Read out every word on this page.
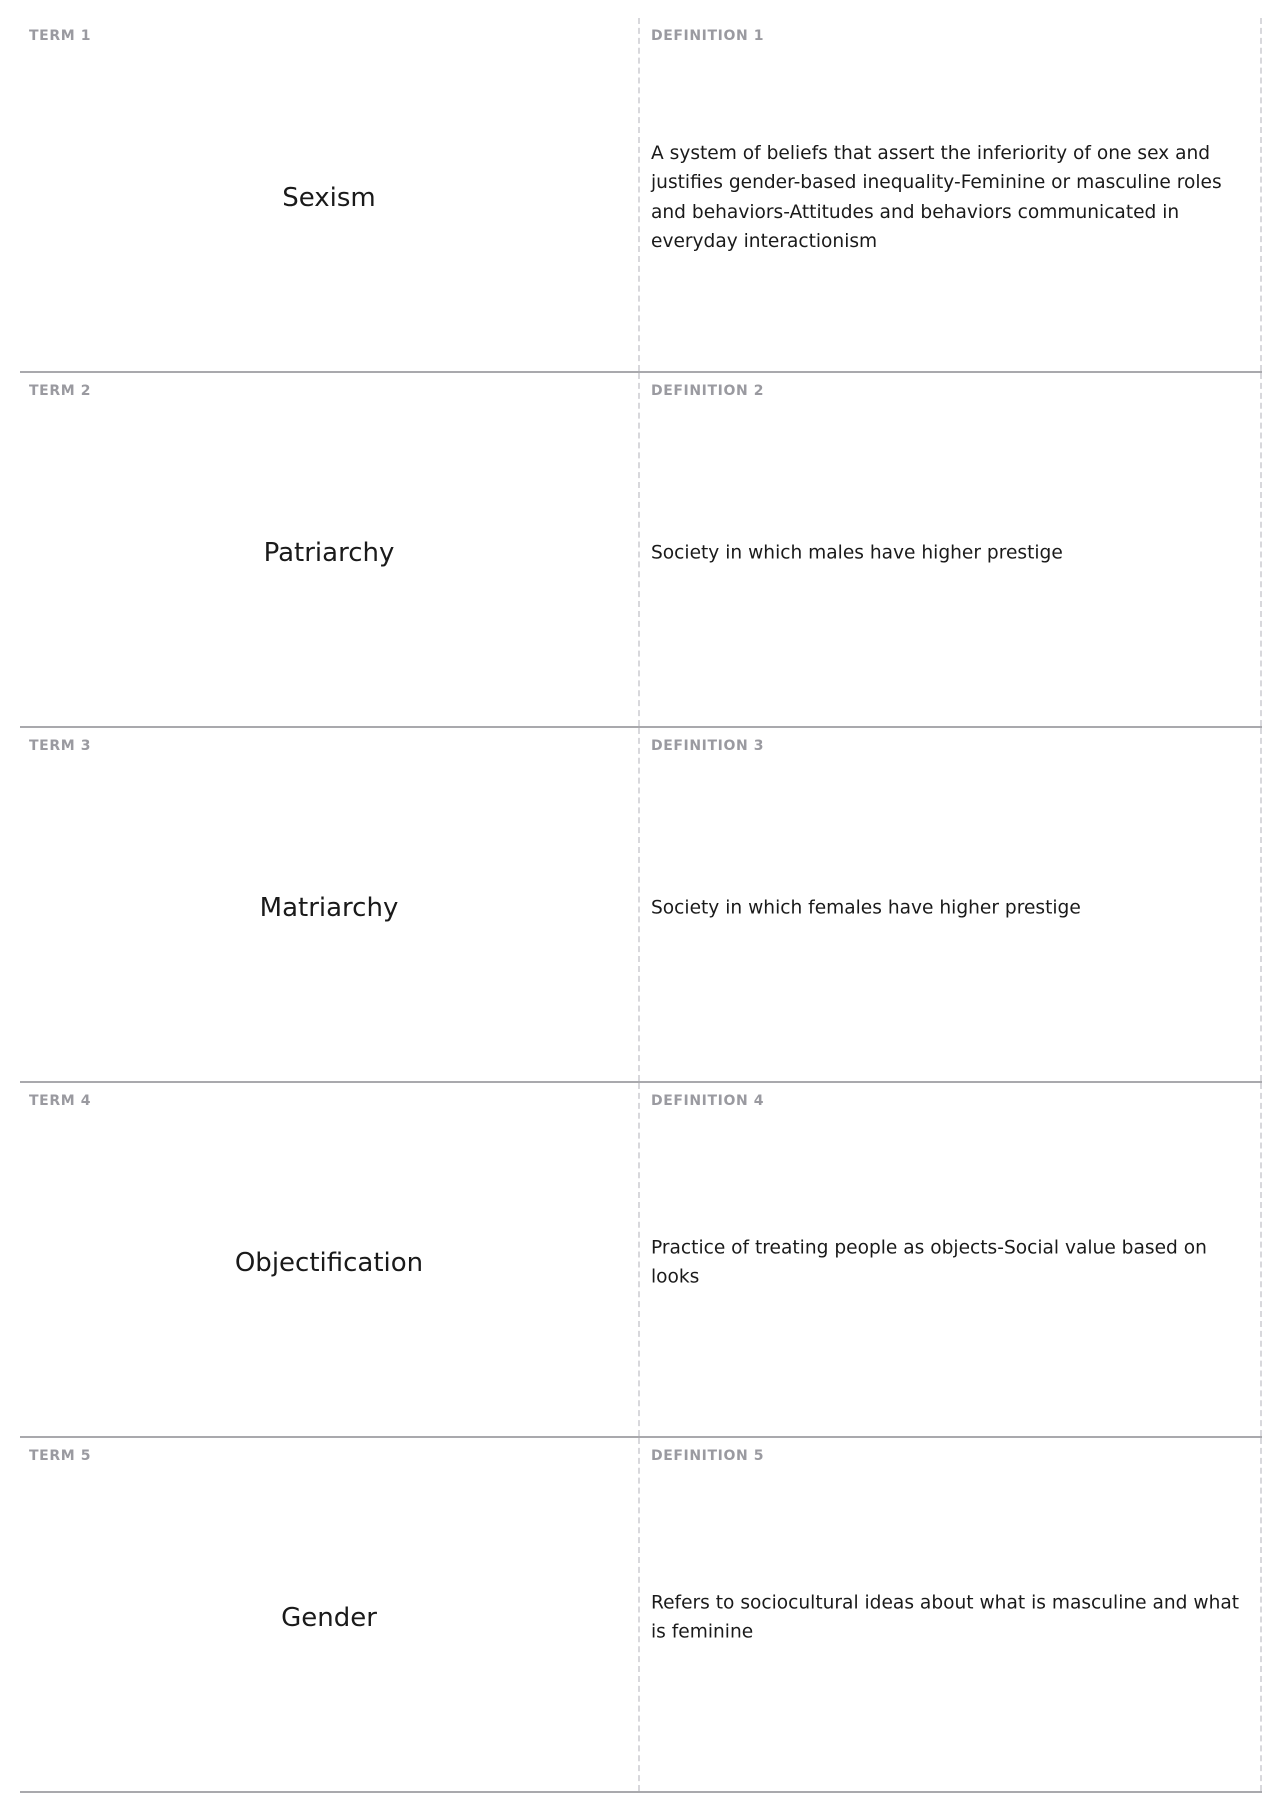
TERM 1
Sexism
DEFINITION 1
A system of beliefs that assert the inferiority of one sex and justifies gender-based inequality-Feminine or masculine roles and behaviors-Attitudes and behaviors communicated in everyday interactionism
TERM 2
Patriarchy
DEFINITION 2
Society in which males have higher prestige
TERM 3
Matriarchy
DEFINITION 3
Society in which females have higher prestige
TERM 4
Objectification
DEFINITION 4
Practice of treating people as objects-Social value based on looks
TERM 5
Gender
DEFINITION 5
Refers to sociocultural ideas about what is masculine and what is feminine
